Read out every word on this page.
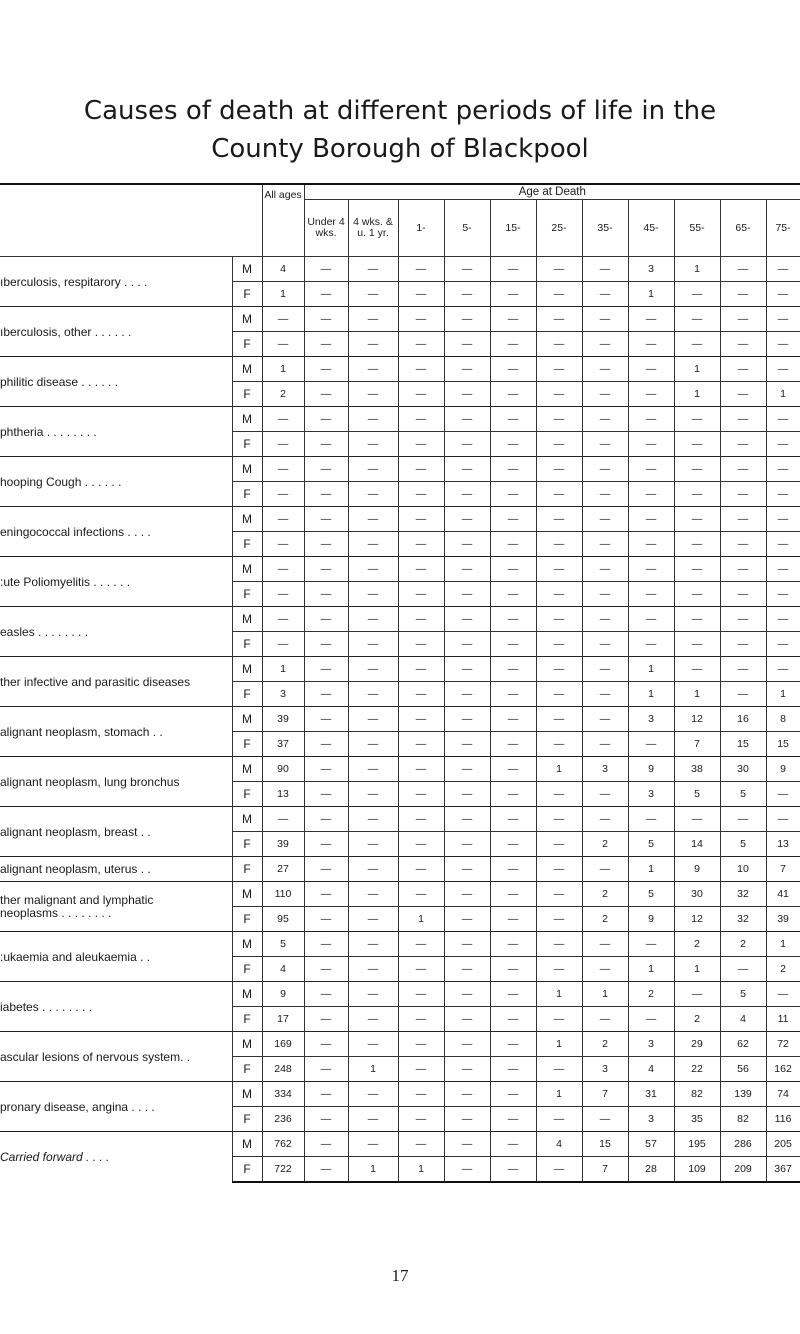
Causes of death at different periods of life in the
County Borough of Blackpool
		All ages	Age at Death										
			Under 4 wks.	4 wks. & u. 1 yr.	1-	5-	15-	25-	35-	45-	55-	65-	75-
ıberculosis, respitarory . . . .	M	4	—	—	—	—	—	—	—	3	1	—	—
	F	1	—	—	—	—	—	—	—	1	—	—	—
ıberculosis, other . . . . . .	M	—	—	—	—	—	—	—	—	—	—	—	—
	F	—	—	—	—	—	—	—	—	—	—	—	—
philitic disease . . . . . .	M	1	—	—	—	—	—	—	—	—	1	—	—
	F	2	—	—	—	—	—	—	—	—	1	—	1
phtheria . . . . . . . .	M	—	—	—	—	—	—	—	—	—	—	—	—
	F	—	—	—	—	—	—	—	—	—	—	—	—
hooping Cough . . . . . .	M	—	—	—	—	—	—	—	—	—	—	—	—
	F	—	—	—	—	—	—	—	—	—	—	—	—
eningococcal infections . . . .	M	—	—	—	—	—	—	—	—	—	—	—	—
	F	—	—	—	—	—	—	—	—	—	—	—	—
:ute Poliomyelitis . . . . . .	M	—	—	—	—	—	—	—	—	—	—	—	—
	F	—	—	—	—	—	—	—	—	—	—	—	—
easles . . . . . . . .	M	—	—	—	—	—	—	—	—	—	—	—	—
	F	—	—	—	—	—	—	—	—	—	—	—	—
ther infective and parasitic diseases	M	1	—	—	—	—	—	—	—	1	—	—	—
	F	3	—	—	—	—	—	—	—	1	1	—	1
alignant neoplasm, stomach . .	M	39	—	—	—	—	—	—	—	3	12	16	8
	F	37	—	—	—	—	—	—	—	—	7	15	15
alignant neoplasm, lung bronchus	M	90	—	—	—	—	—	1	3	9	38	30	9
	F	13	—	—	—	—	—	—	—	3	5	5	—
alignant neoplasm, breast . .	M	—	—	—	—	—	—	—	—	—	—	—	—
	F	39	—	—	—	—	—	—	2	5	14	5	13
alignant neoplasm, uterus . .	F	27	—	—	—	—	—	—	—	1	9	10	7
ther malignant and lymphatic
neoplasms . . . . . . . .	M	110	—	—	—	—	—	—	2	5	30	32	41
	F	95	—	—	1	—	—	—	2	9	12	32	39
:ukaemia and aleukaemia . .	M	5	—	—	—	—	—	—	—	—	2	2	1
	F	4	—	—	—	—	—	—	—	1	1	—	2
iabetes . . . . . . . .	M	9	—	—	—	—	—	1	1	2	—	5	—
	F	17	—	—	—	—	—	—	—	—	2	4	11
ascular lesions of nervous system. .	M	169	—	—	—	—	—	1	2	3	29	62	72
	F	248	—	1	—	—	—	—	3	4	22	56	162
pronary disease, angina . . . .	M	334	—	—	—	—	—	1	7	31	82	139	74
	F	236	—	—	—	—	—	—	—	3	35	82	116
Carried forward . . . .	M	762	—	—	—	—	—	4	15	57	195	286	205
	F	722	—	1	1	—	—	—	7	28	109	209	367
17
